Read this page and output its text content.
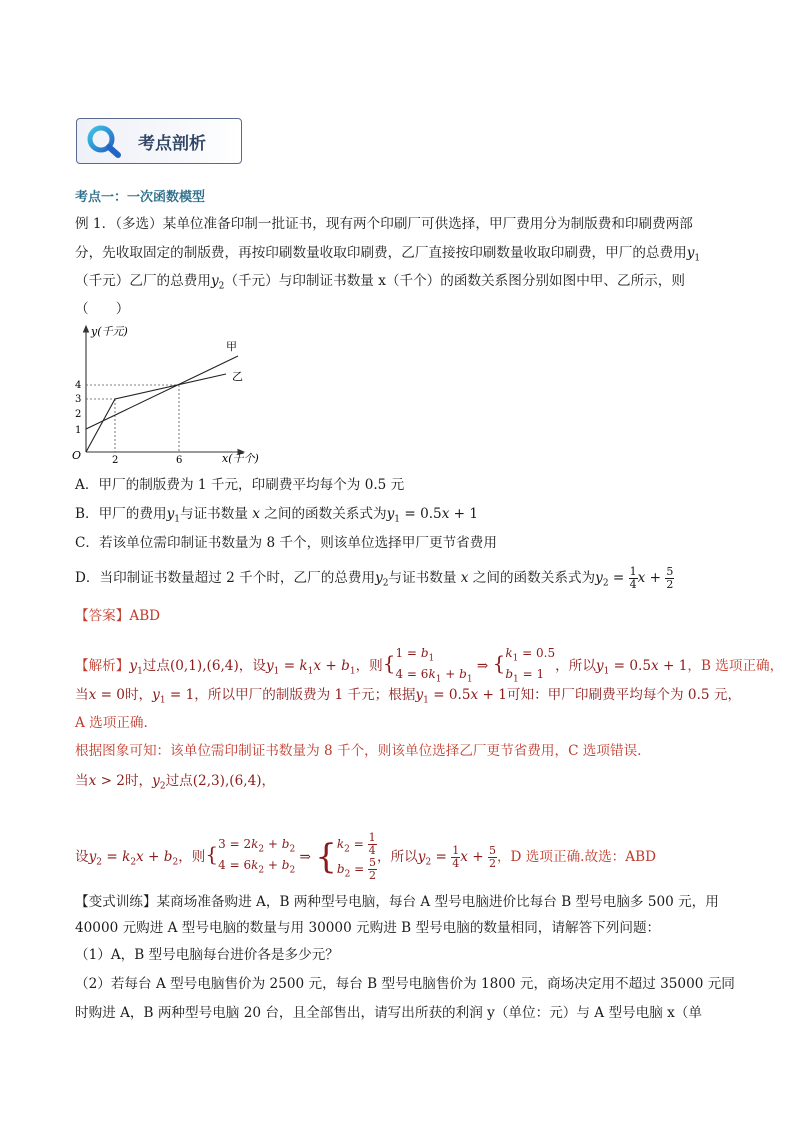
考点剖析
考点一：一次函数模型
例 1．（多选）某单位准备印制一批证书，现有两个印刷厂可供选择，甲厂费用分为制版费和印刷费两部
分，先收取固定的制版费，再按印刷数量收取印刷费，乙厂直接按印刷数量收取印刷费，甲厂的总费用$y_1$
（千元）乙厂的总费用$y_2$（千元）与印制证书数量 x（千个）的函数关系图分别如图中甲、乙所示，则
（　　）
y(千元)
x(千个)
O
1
2
3
4
2	6
甲
乙
A．甲厂的制版费为 1 千元，印刷费平均每个为 0.5 元
B．甲厂的费用$y_1$与证书数量 x 之间的函数关系式为$y_1 = 0.5x + 1$
C．若该单位需印制证书数量为 8 千个，则该单位选择甲厂更节省费用
D．当印制证书数量超过 2 千个时，乙厂的总费用$y_2$与证书数量 x 之间的函数关系式为$y_2 = \frac{1}{4}$ $x + \frac{5}{2}$
【答案】ABD
【解析】$y_1$过点(0,1),(6,4)，设$y_1 = k_1x + b_1$，则{ $1 = b_1$
$4 = 6k_1 + b_1$
⇒ { $k_1 = 0.5$
$b_1 = 1$
，所以$y_1 = 0.5x + 1$，B 选项正确，
当x = 0时，$y_1 = 1$，所以甲厂的制版费为 1 千元；根据$y_1 = 0.5x + 1$可知：甲厂印刷费平均每个为 0.5 元，
A 选项正确.
根据图象可知：该单位需印制证书数量为 8 千个，则该单位选择乙厂更节省费用，C 选项错误.
当x > 2时，$y_2$过点(2,3),(6,4)，
设$y_2 = k_2x + b_2$，则{ $3 = 2k_2 + b_2$
$4 = 6k_2 + b_2$
⇒ { $k_2 = \frac{1}{4}$
$b_2 = \frac{5}{2}$
，所以$y_2 = \frac{1}{4}$ $x + \frac{5}{2}$ ，D 选项正确.故选：ABD
【变式训练】某商场准备购进 A，B 两种型号电脑，每台 A 型号电脑进价比每台 B 型号电脑多 500 元，用
40000 元购进 A 型号电脑的数量与用 30000 元购进 B 型号电脑的数量相同，请解答下列问题：
（1）A，B 型号电脑每台进价各是多少元？
（2）若每台 A 型号电脑售价为 2500 元，每台 B 型号电脑售价为 1800 元，商场决定用不超过 35000 元同
时购进 A，B 两种型号电脑 20 台，且全部售出，请写出所获的利润 y（单位：元）与 A 型号电脑 x（单
